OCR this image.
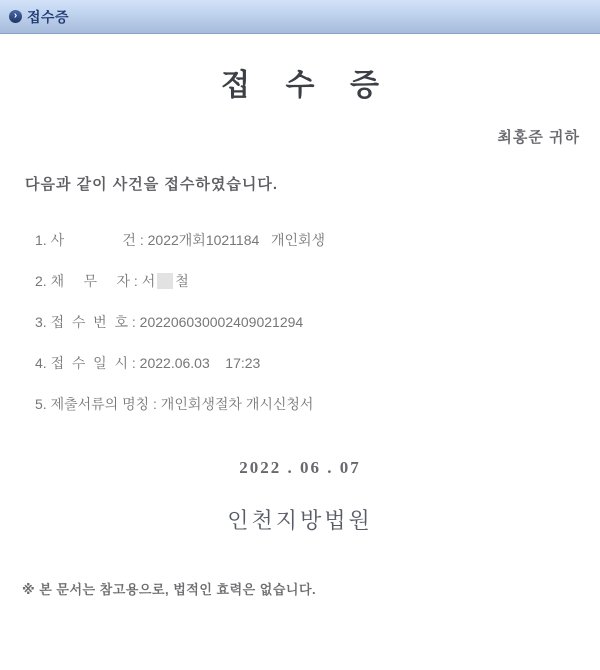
› 접수증
접 수 증
최홍준 귀하
다음과 같이 사건을 접수하였습니다.
1. 사               건 : 2022개회1021184   개인회생
2. 채     무     자 : 서 철
3. 접  수  번  호 : 202206030002409021294
4. 접  수  일  시 : 2022.06.03    17:23
5. 제출서류의 명칭 : 개인회생절차 개시신청서
2022 . 06 . 07
인천지방법원
※ 본 문서는 참고용으로, 법적인 효력은 없습니다.
